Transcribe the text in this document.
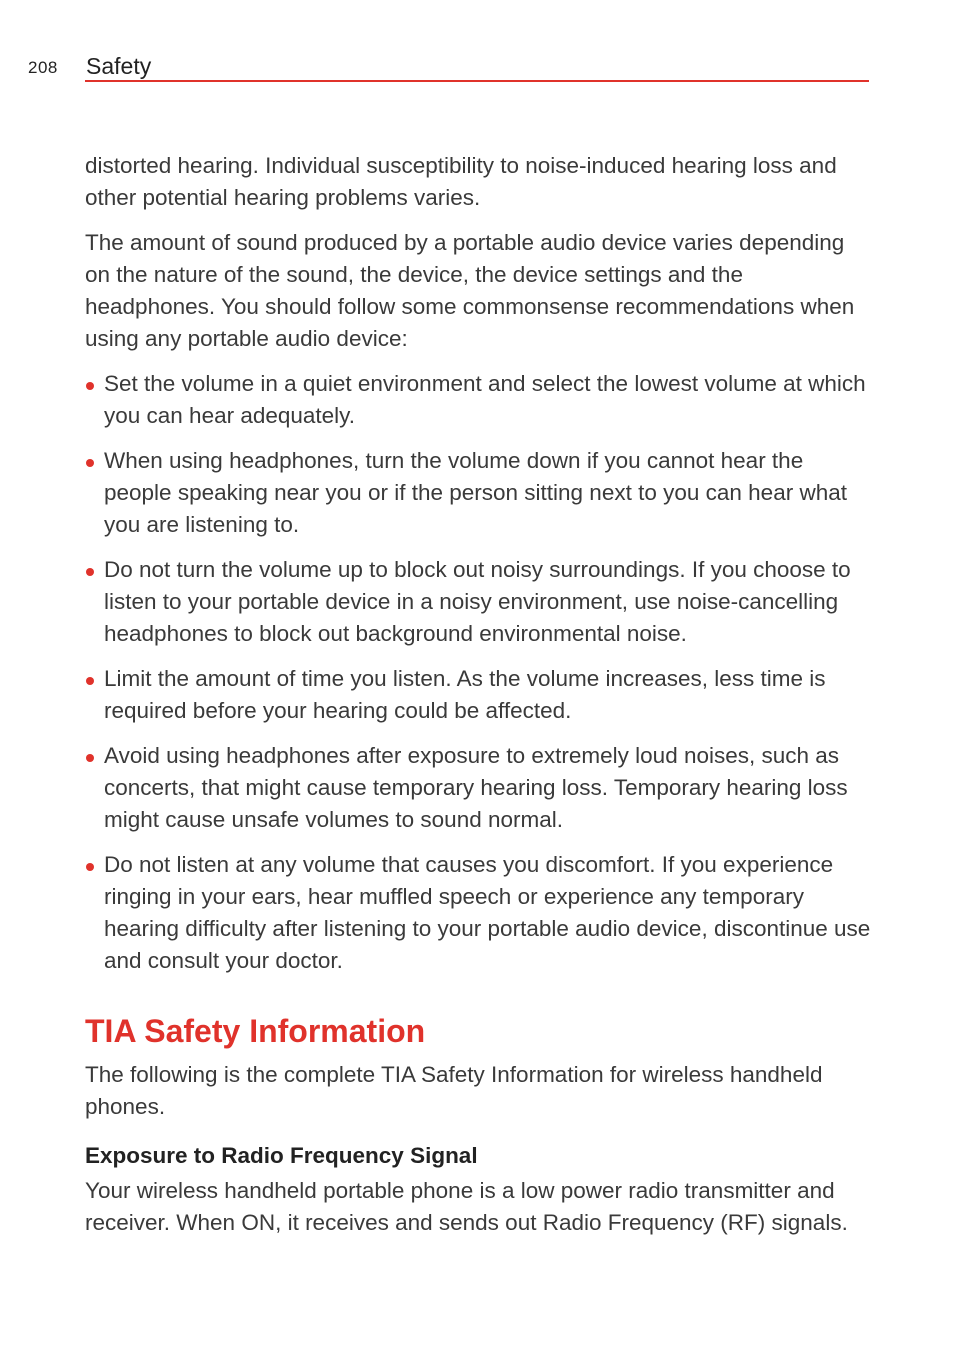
208 Safety

distorted hearing. Individual susceptibility to noise-induced hearing loss and other potential hearing problems varies.

The amount of sound produced by a portable audio device varies depending on the nature of the sound, the device, the device settings and the headphones. You should follow some commonsense recommendations when using any portable audio device:

Set the volume in a quiet environment and select the lowest volume at which you can hear adequately.
When using headphones, turn the volume down if you cannot hear the people speaking near you or if the person sitting next to you can hear what you are listening to.
Do not turn the volume up to block out noisy surroundings. If you choose to listen to your portable device in a noisy environment, use noise-cancelling headphones to block out background environmental noise.
Limit the amount of time you listen. As the volume increases, less time is required before your hearing could be affected.
Avoid using headphones after exposure to extremely loud noises, such as concerts, that might cause temporary hearing loss. Temporary hearing loss might cause unsafe volumes to sound normal.
Do not listen at any volume that causes you discomfort. If you experience ringing in your ears, hear muffled speech or experience any temporary hearing difficulty after listening to your portable audio device, discontinue use and consult your doctor.
TIA Safety Information

The following is the complete TIA Safety Information for wireless handheld phones.

Exposure to Radio Frequency Signal

Your wireless handheld portable phone is a low power radio transmitter and receiver. When ON, it receives and sends out Radio Frequency (RF) signals.
